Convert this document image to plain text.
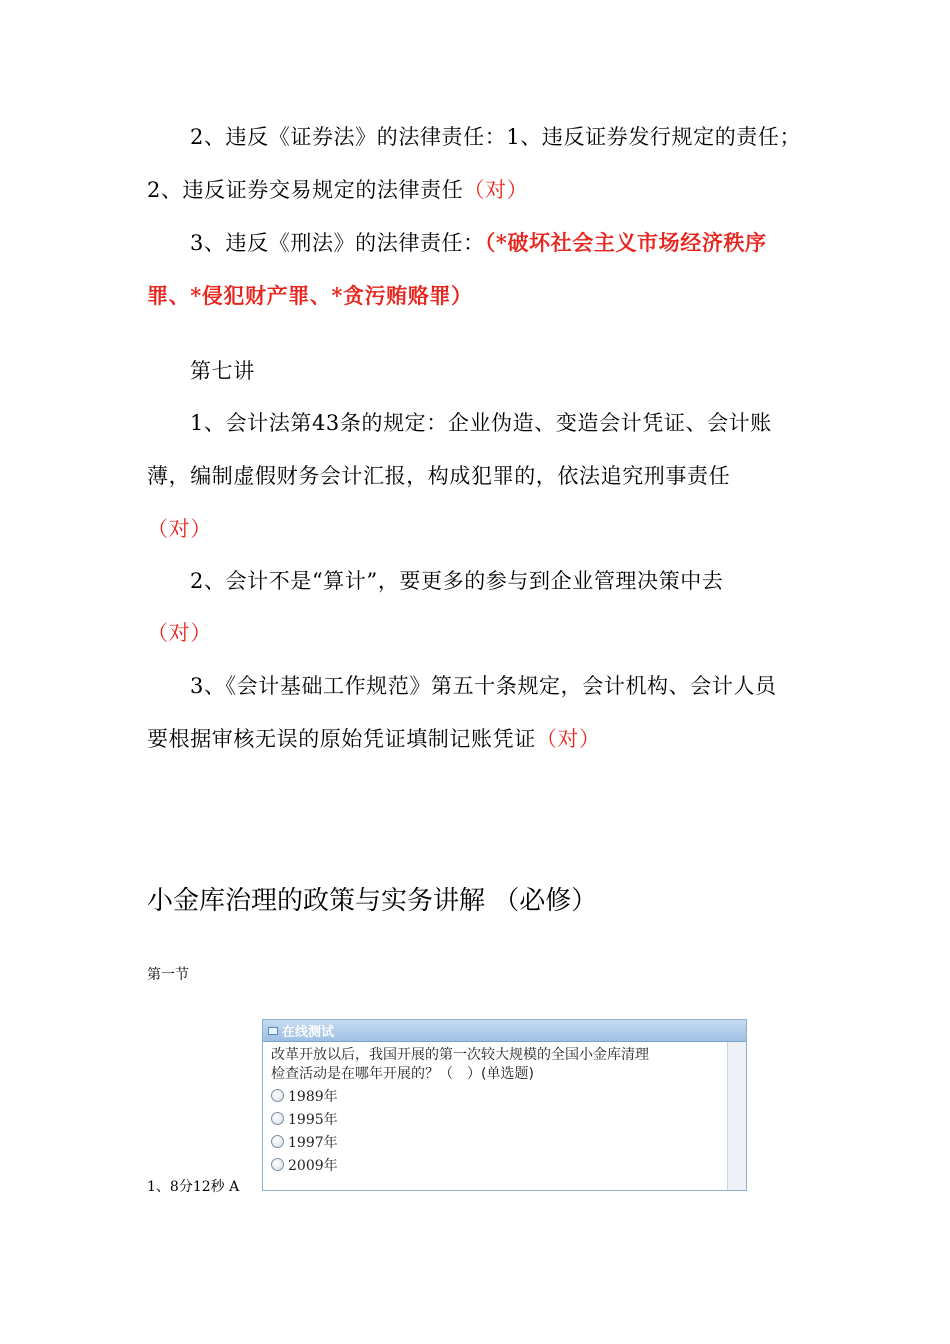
2、违反《证券法》的法律责任：1、违反证券发行规定的责任；
2、违反证券交易规定的法律责任（对）
3、违反《刑法》的法律责任：（*破坏社会主义市场经济秩序
罪、*侵犯财产罪、*贪污贿赂罪）
第七讲
1、会计法第43条的规定：企业伪造、变造会计凭证、会计账
薄，编制虚假财务会计汇报，构成犯罪的，依法追究刑事责任
（对）
2、会计不是“算计”，要更多的参与到企业管理决策中去
（对）
3、《会计基础工作规范》第五十条规定，会计机构、会计人员
要根据审核无误的原始凭证填制记账凭证（对）
小金库治理的政策与实务讲解 （必修）
第一节
1、8分12秒 A
在线测试
改革开放以后，我国开展的第一次较大规模的全国小金库清理
检查活动是在哪年开展的？（　）(单选题)
1989年
1995年
1997年
2009年
